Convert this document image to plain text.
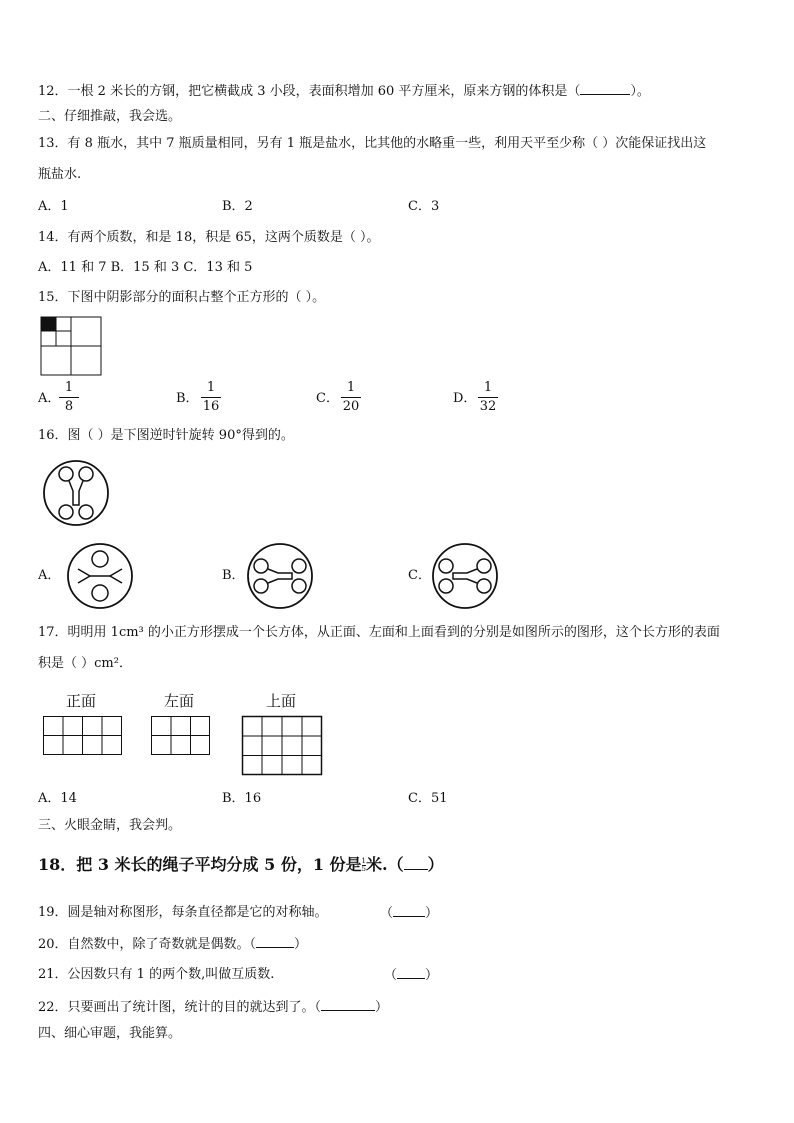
12．一根 2 米长的方钢，把它横截成 3 小段，表面积增加 60 平方厘米，原来方钢的体积是（	）。
二、仔细推敲，我会选。
13．有 8 瓶水，其中 7 瓶质量相同，另有 1 瓶是盐水，比其他的水略重一些，利用天平至少称（ ）次能保证找出这
瓶盐水.
A．1	B．2	C．3
14．有两个质数，和是 18，积是 65，这两个质数是（ ）。
A．11 和 7 B．15 和 3 C．13 和 5
15．下图中阴影部分的面积占整个正方形的（ ）。
A．
1
8
B．
1
16
C．
1
20
D．
1
32
16．图（ ）是下图逆时针旋转 90°得到的。
A．	B．	C．
17．明明用 1cm³ 的小正方形摆成一个长方体，从正面、左面和上面看到的分别是如图所示的图形，这个长方形的表面
积是（ ）cm²．
正面	左面	上面
A．14	B．16	C．51
三、火眼金睛，我会判。
18．把 3 米长的绳子平均分成 5 份，1 份是 $\frac{1}{5}$ 米.（ ）
19．圆是轴对称图形，每条直径都是它的对称轴。	（ ）
20．自然数中，除了奇数就是偶数。（	）
21．公因数只有 1 的两个数,叫做互质数.	（ ）
22．只要画出了统计图，统计的目的就达到了。（	）
四、细心审题，我能算。
